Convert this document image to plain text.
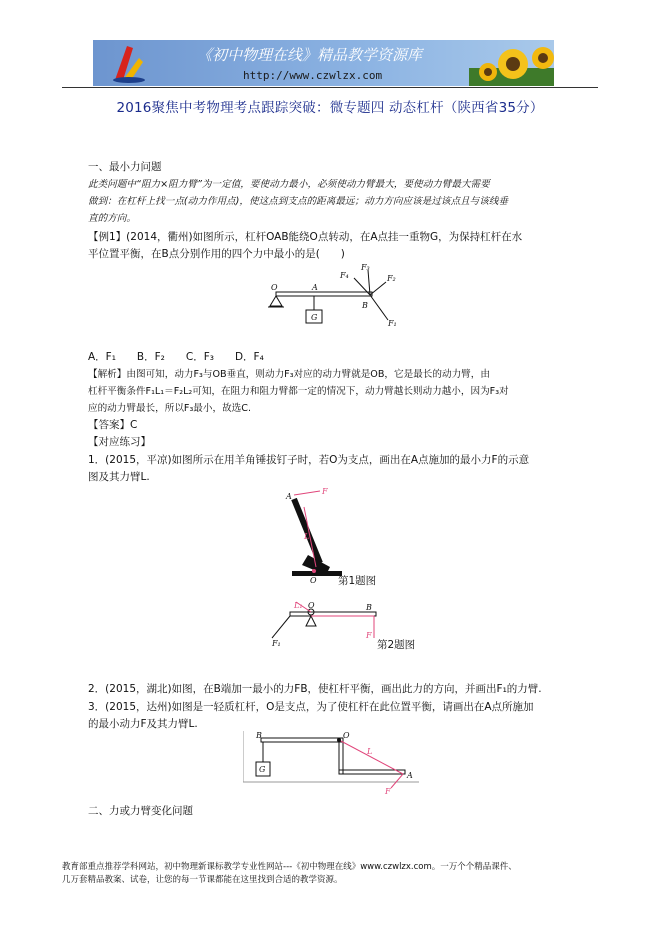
《初中物理在线》精品教学资源库
http://www.czwlzx.com
2016聚焦中考物理考点跟踪突破：微专题四 动态杠杆（陕西省35分）
一、最小力问题
此类问题中“阻力×阻力臂”为一定值，要使动力最小，必须使动力臂最大，要使动力臂最大需要
做到：在杠杆上找一点(动力作用点)，使这点到支点的距离最远；动力方向应该是过该点且与该线垂
直的方向。
【例1】(2014，衢州)如图所示，杠杆OAB能绕O点转动，在A点挂一重物G，为保持杠杆在水
平位置平衡，在B点分别作用的四个力中最小的是(　　)
O	A
B
G
F₁
F₂
F₃
F₄
A．F₁　　B．F₂　　C．F₃　　D．F₄
【解析】由图可知，动力F₃与OB垂直，则动力F₃对应的动力臂就是OB，它是最长的动力臂，由
杠杆平衡条件F₁L₁＝F₂L₂可知，在阻力和阻力臂都一定的情况下，动力臂越长则动力越小，因为F₃对
应的动力臂最长，所以F₃最小，故选C.
【答案】C
【对应练习】
1．(2015，平凉)如图所示在用羊角锤拔钉子时，若O为支点，画出在A点施加的最小力F的示意
图及其力臂L.
A
F
L
O 第1题图
F₁
L₁ O	B
F
第2题图
2．(2015，湖北)如图，在B端加一最小的力FB，使杠杆平衡，画出此力的方向，并画出F₁的力臂.
3．(2015，达州)如图是一轻质杠杆，O是支点，为了使杠杆在此位置平衡，请画出在A点所施加
的最小动力F及其力臂L.
B	O
G
L
A
F
二、力或力臂变化问题
教育部重点推荐学科网站，初中物理新课标教学专业性网站---《初中物理在线》www.czwlzx.com。一万个个精品课件、
几万套精品教案、试卷，让您的每一节课都能在这里找到合适的教学资源。
